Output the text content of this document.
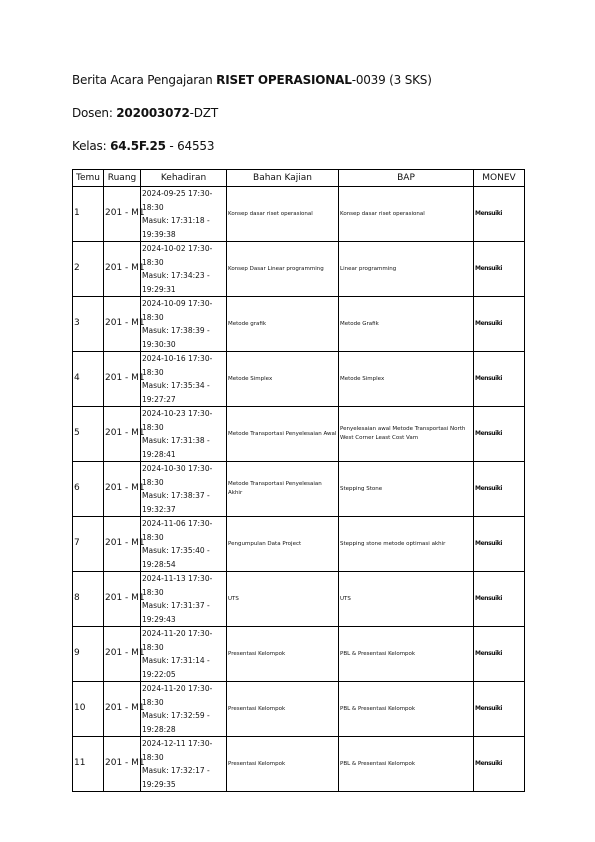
Berita Acara Pengajaran RISET OPERASIONAL-0039 (3 SKS)
Dosen: 202003072-DZT
Kelas: 64.5F.25 - 64553
Temu	Ruang	Kehadiran	Bahan Kajian	BAP	MONEV
1	201 - M1	2024-09-25 17:30-18:30
Masuk: 17:31:18 - 19:39:38	Konsep dasar riset operasional	Konsep dasar riset operasional	Mensuiki
2	201 - M1	2024-10-02 17:30-18:30
Masuk: 17:34:23 - 19:29:31	Konsep Dasar Linear programming	Linear programming	Mensuiki
3	201 - M1	2024-10-09 17:30-18:30
Masuk: 17:38:39 - 19:30:30	Metode grafik	Metode Grafik	Mensuiki
4	201 - M1	2024-10-16 17:30-18:30
Masuk: 17:35:34 - 19:27:27	Metode Simplex	Metode Simplex	Mensuiki
5	201 - M1	2024-10-23 17:30-18:30
Masuk: 17:31:38 - 19:28:41	Metode Transportasi Penyelesaian Awal	Penyelesaian awal Metode Transportasi North West Corner Least Cost Vam	Mensuiki
6	201 - M1	2024-10-30 17:30-18:30
Masuk: 17:38:37 - 19:32:37	Metode Transportasi Penyelesaian Akhir	Stepping Stone	Mensuiki
7	201 - M1	2024-11-06 17:30-18:30
Masuk: 17:35:40 - 19:28:54	Pengumpulan Data Project	Stepping stone metode optimasi akhir	Mensuiki
8	201 - M1	2024-11-13 17:30-18:30
Masuk: 17:31:37 - 19:29:43	UTS	UTS	Mensuiki
9	201 - M1	2024-11-20 17:30-18:30
Masuk: 17:31:14 - 19:22:05	Presentasi Kelompok	PBL & Presentasi Kelompok	Mensuiki
10	201 - M1	2024-11-20 17:30-18:30
Masuk: 17:32:59 - 19:28:28	Presentasi Kelompok	PBL & Presentasi Kelompok	Mensuiki
11	201 - M1	2024-12-11 17:30-18:30
Masuk: 17:32:17 - 19:29:35	Presentasi Kelompok	PBL & Presentasi Kelompok	Mensuiki
